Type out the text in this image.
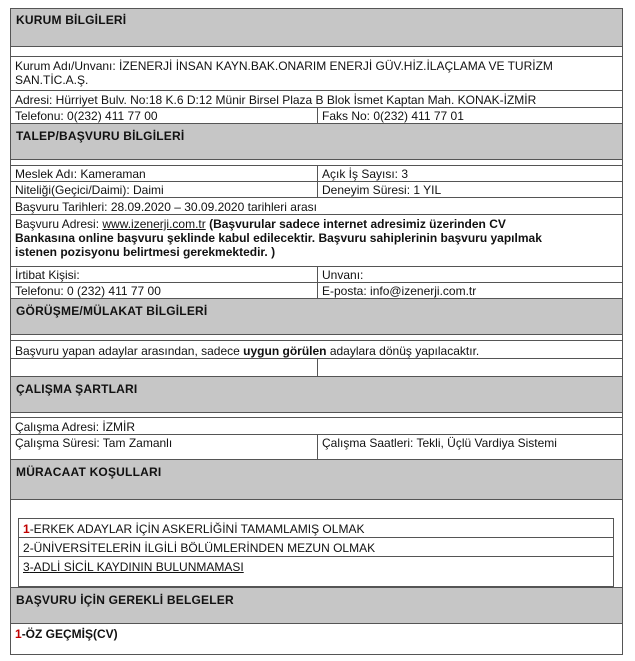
KURUM BİLGİLERİ
Kurum Adı/Unvanı: İZENERJİ İNSAN KAYN.BAK.ONARIM ENERJİ GÜV.HİZ.İLAÇLAMA VE TURİZM
SAN.TİC.A.Ş.
Adresi: Hürriyet Bulv. No:18 K.6 D:12 Münir Birsel Plaza B Blok İsmet Kaptan Mah. KONAK-İZMİR
Telefonu: 0(232) 411 77 00	Faks No: 0(232) 411 77 01
TALEP/BAŞVURU BİLGİLERİ
Meslek Adı: Kameraman	Açık İş Sayısı: 3
Niteliği(Geçici/Daimi): Daimi	Deneyim Süresi: 1 YIL
Başvuru Tarihleri: 28.09.2020 – 30.09.2020 tarihleri arası
Başvuru Adresi: www.izenerji.com.tr (Başvurular sadece internet adresimiz üzerinden CV
Bankasına online başvuru şeklinde kabul edilecektir. Başvuru sahiplerinin başvuru yapılmak
istenen pozisyonu belirtmesi gerekmektedir. )
İrtibat Kişisi:	Unvanı:
Telefonu: 0 (232) 411 77 00	E-posta: info@izenerji.com.tr
GÖRÜŞME/MÜLAKAT BİLGİLERİ
Başvuru yapan adaylar arasından, sadece uygun görülen adaylara dönüş yapılacaktır.
ÇALIŞMA ŞARTLARI
Çalışma Adresi: İZMİR
Çalışma Süresi: Tam Zamanlı	Çalışma Saatleri: Tekli, Üçlü Vardiya Sistemi
MÜRACAAT KOŞULLARI
1-ERKEK ADAYLAR İÇİN ASKERLİĞİNİ TAMAMLAMIŞ OLMAK
2-ÜNİVERSİTELERİN İLGİLİ BÖLÜMLERİNDEN MEZUN OLMAK
3-ADLİ SİCİL KAYDININ BULUNMAMASI
BAŞVURU İÇİN GEREKLİ BELGELER
1-ÖZ GEÇMİŞ(CV)
